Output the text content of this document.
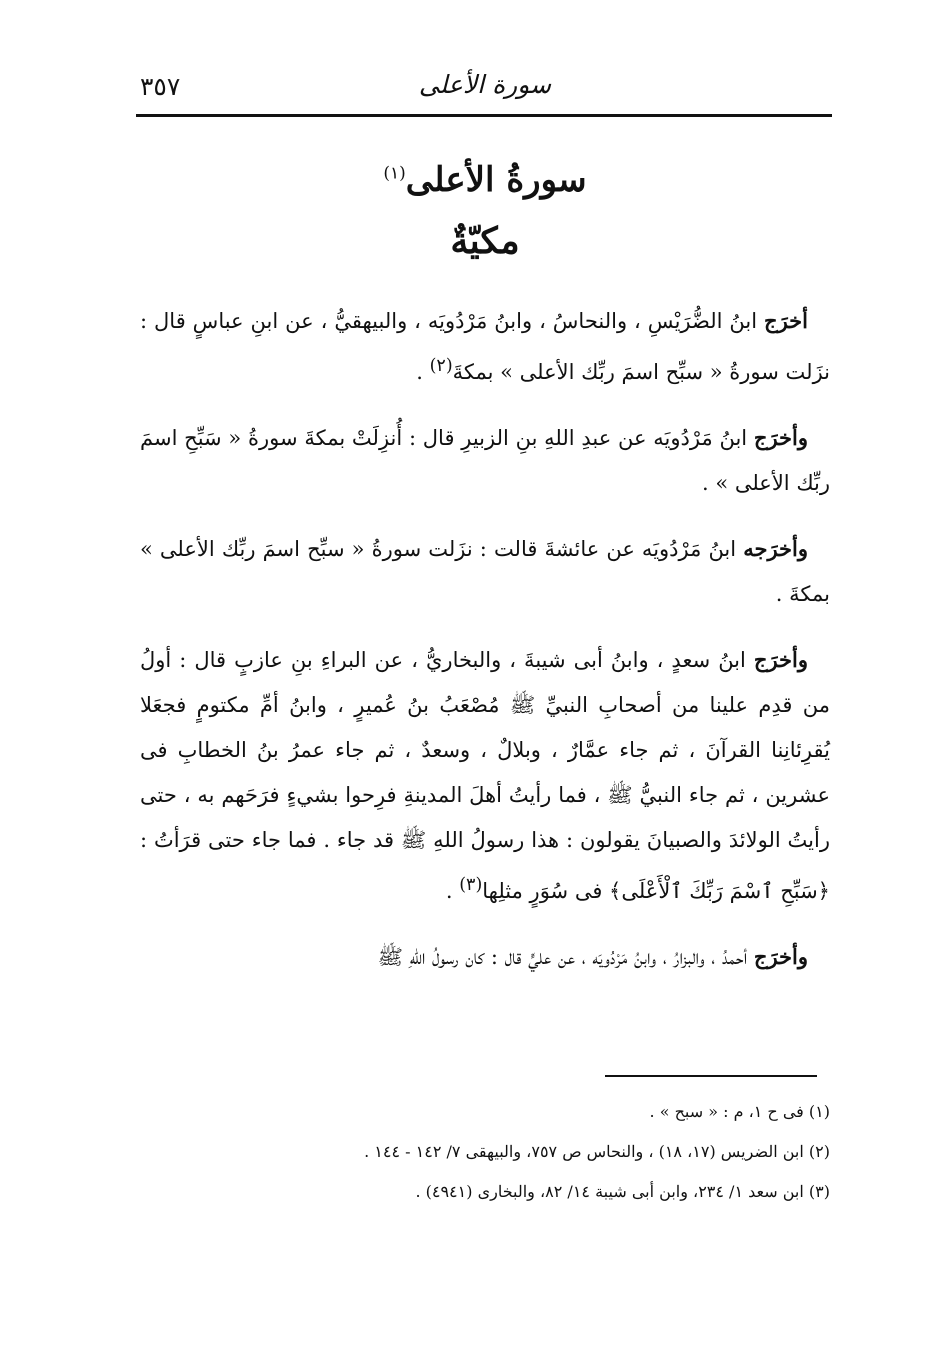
٣٥٧	سورة الأعلى
سورةُ الأعلى$^{(١)}$
مكيّةٌ

أخرَج ابنُ الضُّرَيْسِ ، والنحاسُ ، وابنُ مَرْدُويَه ، والبيهقيُّ ، عن ابنِ عباسٍ قال : نزَلت سورةُ « سبِّح اسمَ ربِّك الأعلى » بمكةَ$^{(٢)}$ .

وأخرَج ابنُ مَرْدُويَه عن عبدِ اللهِ بنِ الزبيرِ قال : أُنزِلَتْ بمكةَ سورةُ « سَبِّحِ اسمَ ربِّك الأعلى » .

وأخرَجه ابنُ مَرْدُويَه عن عائشةَ قالت : نزَلت سورةُ « سبِّح اسمَ ربِّك الأعلى » بمكةَ .

وأخرَج ابنُ سعدٍ ، وابنُ أبى شيبةَ ، والبخاريُّ ، عن البراءِ بنِ عازبٍ قال : أولُ من قدِم علينا من أصحابِ النبيِّ ﷺ مُصْعَبُ بنُ عُميرٍ ، وابنُ أمِّ مكتومٍ فجعَلا يُقرِئانِنا القرآنَ ، ثم جاء عمَّارٌ ، وبلالٌ ، وسعدٌ ، ثم جاء عمرُ بنُ الخطابِ فى عشرين ، ثم جاء النبيُّ ﷺ ، فما رأيتُ أهلَ المدينةِ فرِحوا بشيءٍ فرَحَهم به ، حتى رأيتُ الولائدَ والصبيانَ يقولون : هذا رسولُ اللهِ ﷺ قد جاء . فما جاء حتى قرَأتُ : ﴿سَبِّحِ ٱسْمَ رَبِّكَ ٱلْأَعْلَى﴾ فى سُوَرٍ مثلِها$^{(٣)}$ .

وأخرَج أحمدُ ، والبزارُ ، وابنُ مَرْدُويَه ، عن عليٍّ قال : كان رسولُ اللهِ ﷺ

(١) فى ح ١، م : « سبح » .
(٢) ابن الضريس (١٧، ١٨) ، والنحاس ص ٧٥٧، والبيهقى ٧/ ١٤٢ - ١٤٤ .
(٣) ابن سعد ١/ ٢٣٤، وابن أبى شيبة ١٤/ ٨٢، والبخارى (٤٩٤١) .
